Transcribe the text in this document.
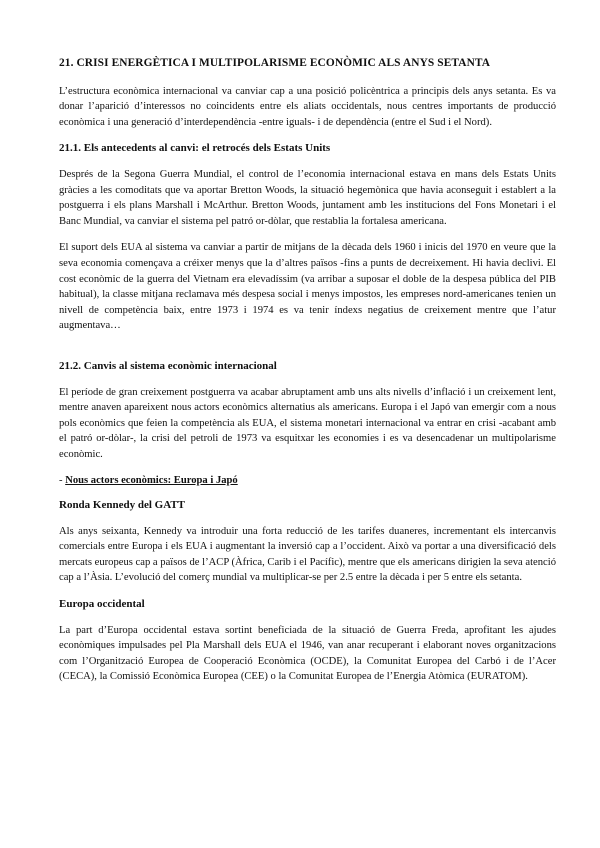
21. CRISI ENERGÈTICA I MULTIPOLARISME ECONÒMIC ALS ANYS SETANTA

L’estructura econòmica internacional va canviar cap a una posició policèntrica a principis dels anys setanta. Es va donar l’aparició d’interessos no coincidents entre els aliats occidentals, nous centres importants de producció econòmica i una generació d’interdependència -entre iguals- i de dependència (entre el Sud i el Nord).

21.1. Els antecedents al canvi: el retrocés dels Estats Units

Després de la Segona Guerra Mundial, el control de l’economia internacional estava en mans dels Estats Units gràcies a les comoditats que va aportar Bretton Woods, la situació hegemònica que havia aconseguit i establert a la postguerra i els plans Marshall i McArthur. Bretton Woods, juntament amb les institucions del Fons Monetari i el Banc Mundial, va canviar el sistema pel patró or-dòlar, que restablia la fortalesa americana.

El suport dels EUA al sistema va canviar a partir de mitjans de la dècada dels 1960 i inicis del 1970 en veure que la seva economia començava a créixer menys que la d’altres països -fins a punts de decreixement. Hi havia declivi. El cost econòmic de la guerra del Vietnam era elevadíssim (va arribar a suposar el doble de la despesa pública del PIB habitual), la classe mitjana reclamava més despesa social i menys impostos, les empreses nord-americanes tenien un nivell de competència baix, entre 1973 i 1974 es va tenir índexs negatius de creixement mentre que l’atur augmentava…

21.2. Canvis al sistema econòmic internacional

El període de gran creixement postguerra va acabar abruptament amb uns alts nivells d’inflació i un creixement lent, mentre anaven apareixent nous actors econòmics alternatius als americans. Europa i el Japó van emergir com a nous pols econòmics que feien la competència als EUA, el sistema monetari internacional va entrar en crisi -acabant amb el patró or-dòlar-, la crisi del petroli de 1973 va esquitxar les economies i es va desencadenar un multipolarisme econòmic.

- Nous actors econòmics: Europa i Japó
Ronda Kennedy del GATT

Als anys seixanta, Kennedy va introduir una forta reducció de les tarifes duaneres, incrementant els intercanvis comercials entre Europa i els EUA i augmentant la inversió cap a l’occident. Això va portar a una diversificació dels mercats europeus cap a països de l’ACP (Àfrica, Carib i el Pacífic), mentre que els americans dirigien la seva atenció cap a l’Àsia. L’evolució del comerç mundial va multiplicar-se per 2.5 entre la dècada i per 5 entre els setanta.

Europa occidental

La part d’Europa occidental estava sortint beneficiada de la situació de Guerra Freda, aprofitant les ajudes econòmiques impulsades pel Pla Marshall dels EUA el 1946, van anar recuperant i elaborant noves organitzacions com l’Organització Europea de Cooperació Econòmica (OCDE), la Comunitat Europea del Carbó i de l’Acer (CECA), la Comissió Econòmica Europea (CEE) o la Comunitat Europea de l’Energia Atòmica (EURATOM).
